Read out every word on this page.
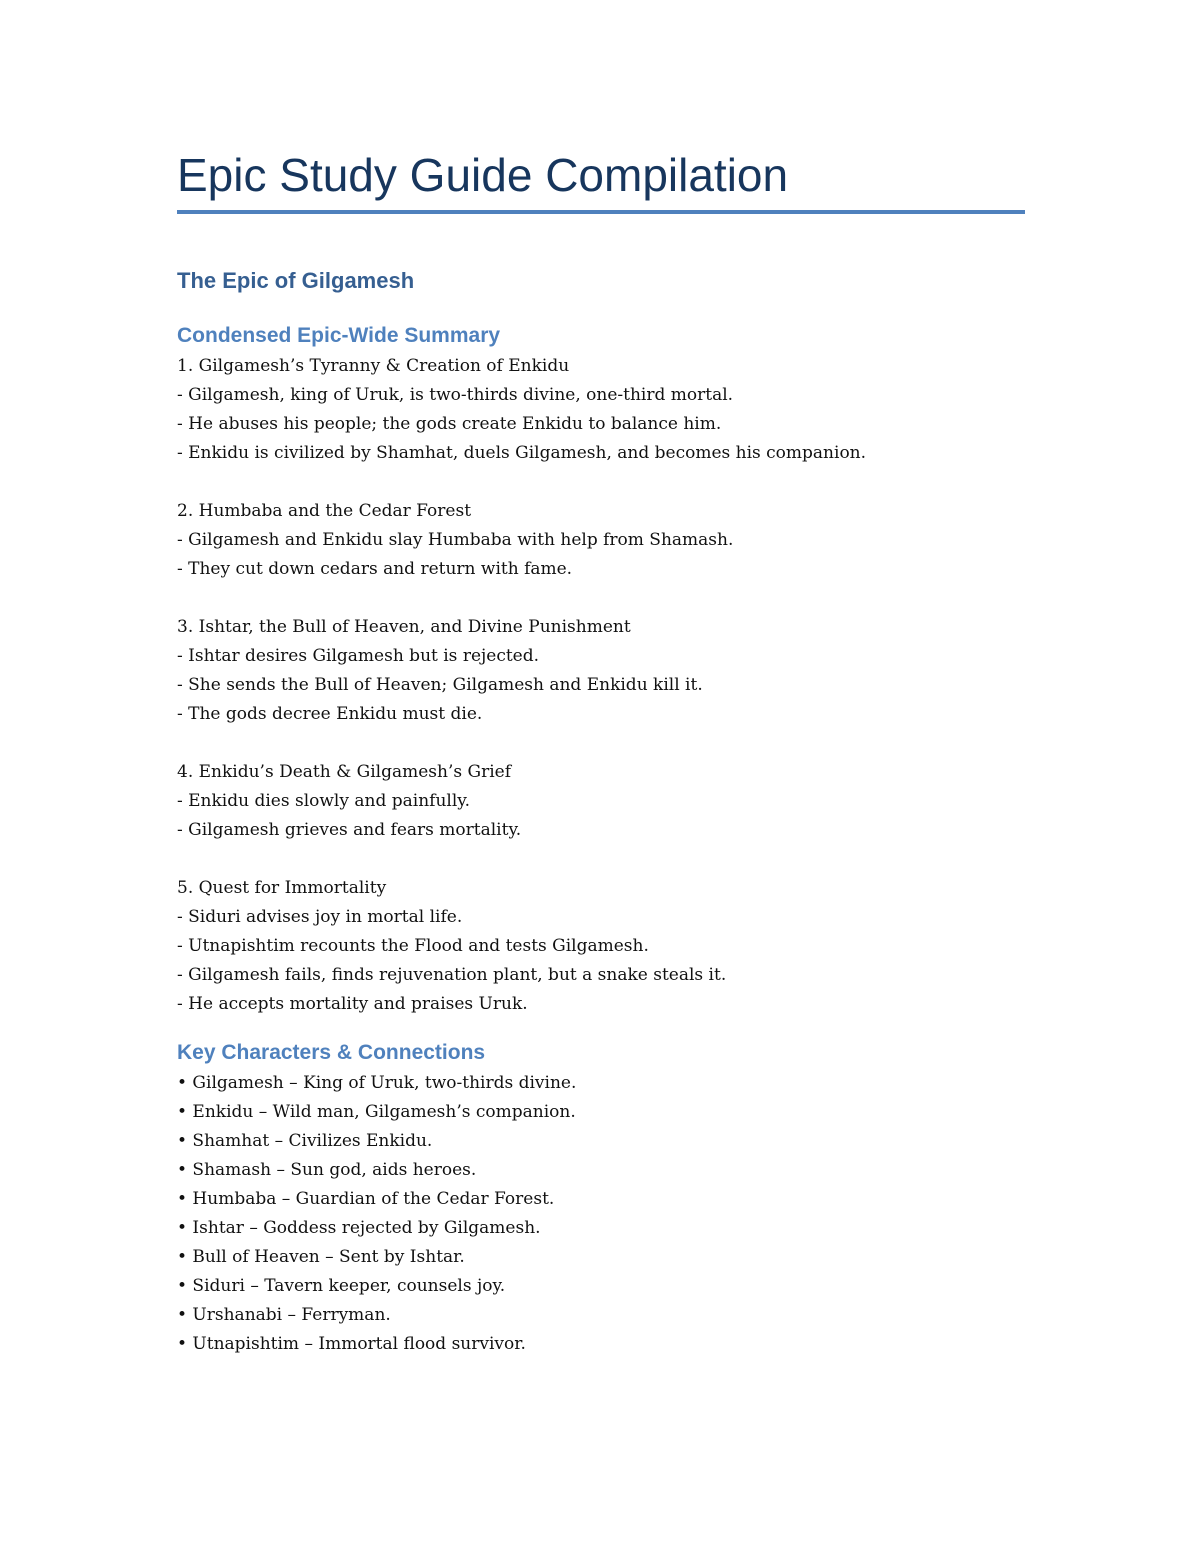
Epic Study Guide Compilation
The Epic of Gilgamesh
Condensed Epic-Wide Summary
1. Gilgamesh’s Tyranny & Creation of Enkidu
- Gilgamesh, king of Uruk, is two-thirds divine, one-third mortal.
- He abuses his people; the gods create Enkidu to balance him.
- Enkidu is civilized by Shamhat, duels Gilgamesh, and becomes his companion.
2. Humbaba and the Cedar Forest
- Gilgamesh and Enkidu slay Humbaba with help from Shamash.
- They cut down cedars and return with fame.
3. Ishtar, the Bull of Heaven, and Divine Punishment
- Ishtar desires Gilgamesh but is rejected.
- She sends the Bull of Heaven; Gilgamesh and Enkidu kill it.
- The gods decree Enkidu must die.
4. Enkidu’s Death & Gilgamesh’s Grief
- Enkidu dies slowly and painfully.
- Gilgamesh grieves and fears mortality.
5. Quest for Immortality
- Siduri advises joy in mortal life.
- Utnapishtim recounts the Flood and tests Gilgamesh.
- Gilgamesh fails, finds rejuvenation plant, but a snake steals it.
- He accepts mortality and praises Uruk.
Key Characters & Connections
• Gilgamesh – King of Uruk, two-thirds divine.
• Enkidu – Wild man, Gilgamesh’s companion.
• Shamhat – Civilizes Enkidu.
• Shamash – Sun god, aids heroes.
• Humbaba – Guardian of the Cedar Forest.
• Ishtar – Goddess rejected by Gilgamesh.
• Bull of Heaven – Sent by Ishtar.
• Siduri – Tavern keeper, counsels joy.
• Urshanabi – Ferryman.
• Utnapishtim – Immortal flood survivor.
